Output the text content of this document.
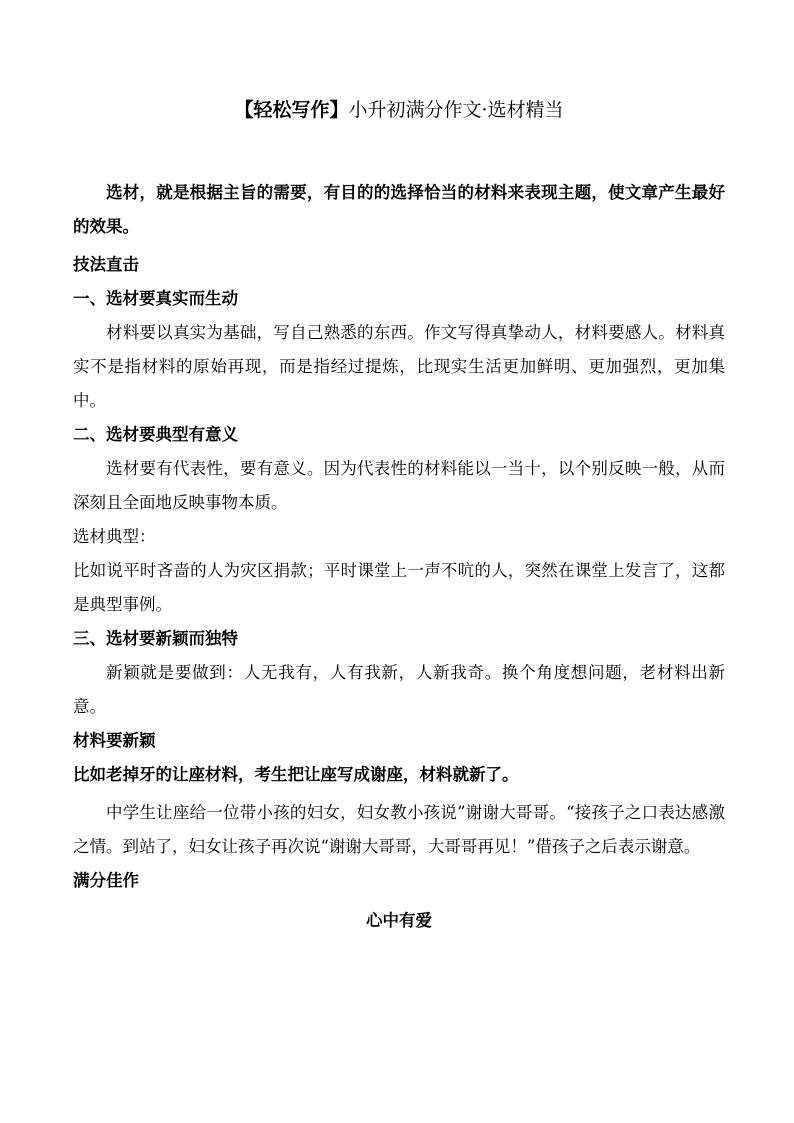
【轻松写作】小升初满分作文·选材精当

选材，就是根据主旨的需要，有目的的选择恰当的材料来表现主题，使文章产生最好的效果。

技法直击

一、选材要真实而生动

材料要以真实为基础，写自己熟悉的东西。作文写得真挚动人，材料要感人。材料真实不是指材料的原始再现，而是指经过提炼，比现实生活更加鲜明、更加强烈，更加集中。

二、选材要典型有意义

选材要有代表性，要有意义。因为代表性的材料能以一当十，以个别反映一般，从而深刻且全面地反映事物本质。

选材典型：

比如说平时吝啬的人为灾区捐款；平时课堂上一声不吭的人，突然在课堂上发言了，这都是典型事例。

三、选材要新颖而独特

新颖就是要做到：人无我有，人有我新，人新我奇。换个角度想问题，老材料出新意。

材料要新颖

比如老掉牙的让座材料，考生把让座写成谢座，材料就新了。

中学生让座给一位带小孩的妇女，妇女教小孩说”谢谢大哥哥。“接孩子之口表达感激之情。到站了，妇女让孩子再次说“谢谢大哥哥，大哥哥再见！”借孩子之后表示谢意。

满分佳作

心中有爱
